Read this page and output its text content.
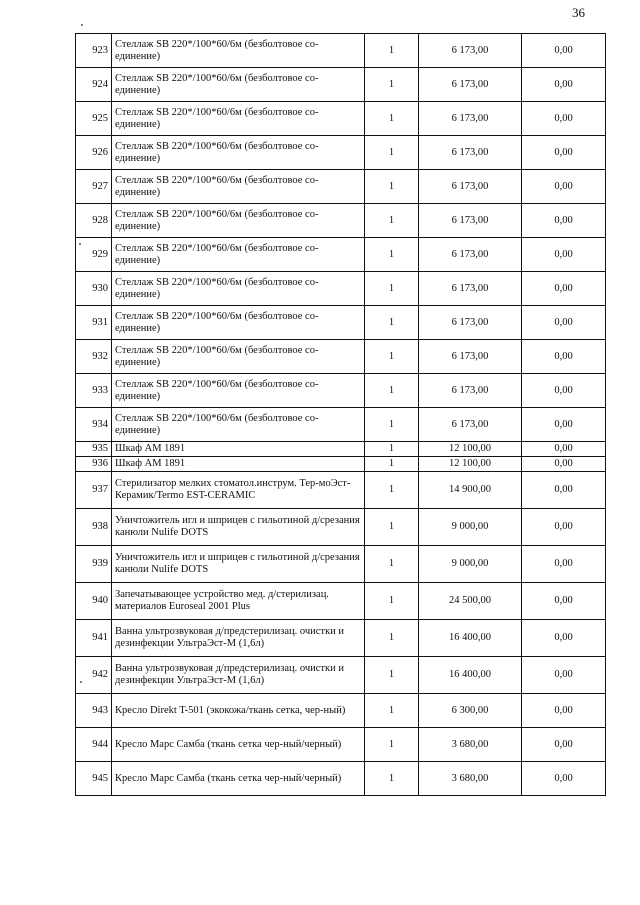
36
923	Стеллаж SB 220*/100*60/6м (безболтовое со-единение)	1	6 173,00	0,00
924	Стеллаж SB 220*/100*60/6м (безболтовое со-единение)	1	6 173,00	0,00
925	Стеллаж SB 220*/100*60/6м (безболтовое со-единение)	1	6 173,00	0,00
926	Стеллаж SB 220*/100*60/6м (безболтовое со-единение)	1	6 173,00	0,00
927	Стеллаж SB 220*/100*60/6м (безболтовое со-единение)	1	6 173,00	0,00
928	Стеллаж SB 220*/100*60/6м (безболтовое со-единение)	1	6 173,00	0,00
929	Стеллаж SB 220*/100*60/6м (безболтовое со-единение)	1	6 173,00	0,00
930	Стеллаж SB 220*/100*60/6м (безболтовое со-единение)	1	6 173,00	0,00
931	Стеллаж SB 220*/100*60/6м (безболтовое со-единение)	1	6 173,00	0,00
932	Стеллаж SB 220*/100*60/6м (безболтовое со-единение)	1	6 173,00	0,00
933	Стеллаж SB 220*/100*60/6м (безболтовое со-единение)	1	6 173,00	0,00
934	Стеллаж SB 220*/100*60/6м (безболтовое со-единение)	1	6 173,00	0,00
935	Шкаф AM 1891	1	12 100,00	0,00
936	Шкаф AM 1891	1	12 100,00	0,00
937	Стерилизатор мелких стоматол.инструм. Тер-моЭст-Керамик/Termo EST-CERAMIC	1	14 900,00	0,00
938	Уничтожитель игл и шприцев с гильотиной д/срезания канюли Nulife DOTS	1	9 000,00	0,00
939	Уничтожитель игл и шприцев с гильотиной д/срезания канюли Nulife DOTS	1	9 000,00	0,00
940	Запечатывающее устройство мед. д/стерилизац. материалов Euroseal 2001 Plus	1	24 500,00	0,00
941	Ванна ультрозвуковая д/предстерилизац. очистки и дезинфекции УльтраЭст-М (1,6л)	1	16 400,00	0,00
942	Ванна ультрозвуковая д/предстерилизац. очистки и дезинфекции УльтраЭст-М (1,6л)	1	16 400,00	0,00
943	Кресло Direkt T-501 (экокожа/ткань сетка, чер-ный)	1	6 300,00	0,00
944	Кресло Марс Самба (ткань сетка чер-ный/черный)	1	3 680,00	0,00
945	Кресло Марс Самба (ткань сетка чер-ный/черный)	1	3 680,00	0,00
